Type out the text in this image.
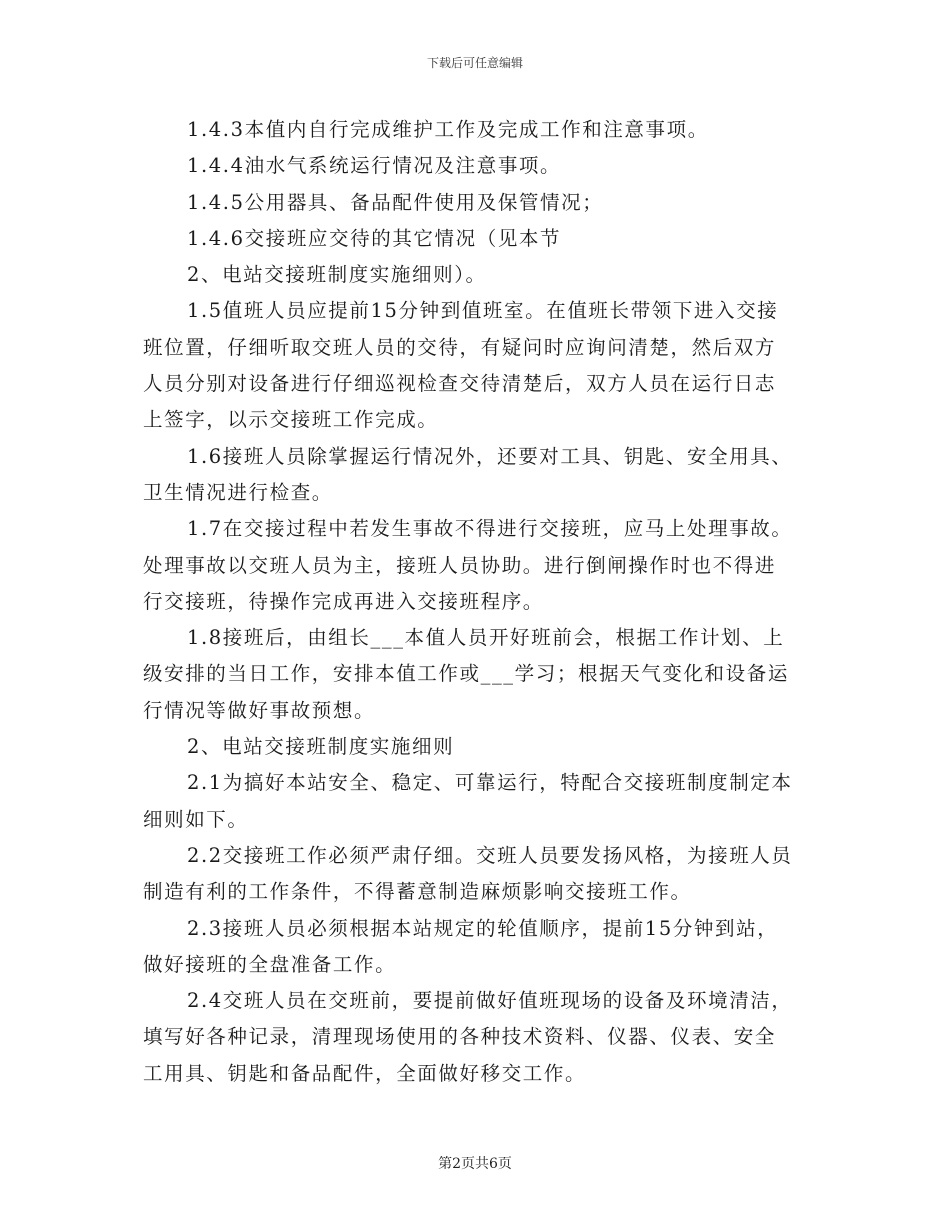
下载后可任意编辑

1.4.3本值内自行完成维护工作及完成工作和注意事项。

1.4.4油水气系统运行情况及注意事项。

1.4.5公用器具、备品配件使用及保管情况；

1.4.6交接班应交待的其它情况（见本节

2、电站交接班制度实施细则）。

1.5值班人员应提前15分钟到值班室。在值班长带领下进入交接
班位置，仔细听取交班人员的交待，有疑问时应询问清楚，然后双方
人员分别对设备进行仔细巡视检查交待清楚后，双方人员在运行日志
上签字，以示交接班工作完成。

1.6接班人员除掌握运行情况外，还要对工具、钥匙、安全用具、
卫生情况进行检查。

1.7在交接过程中若发生事故不得进行交接班，应马上处理事故。
处理事故以交班人员为主，接班人员协助。进行倒闸操作时也不得进
行交接班，待操作完成再进入交接班程序。

1.8接班后，由组长___本值人员开好班前会，根据工作计划、上
级安排的当日工作，安排本值工作或___学习；根据天气变化和设备运
行情况等做好事故预想。

2、电站交接班制度实施细则

2.1为搞好本站安全、稳定、可靠运行，特配合交接班制度制定本
细则如下。

2.2交接班工作必须严肃仔细。交班人员要发扬风格，为接班人员
制造有利的工作条件，不得蓄意制造麻烦影响交接班工作。

2.3接班人员必须根据本站规定的轮值顺序，提前15分钟到站，
做好接班的全盘准备工作。

2.4交班人员在交班前，要提前做好值班现场的设备及环境清洁，
填写好各种记录，清理现场使用的各种技术资料、仪器、仪表、安全
工用具、钥匙和备品配件，全面做好移交工作。

第2页共6页
